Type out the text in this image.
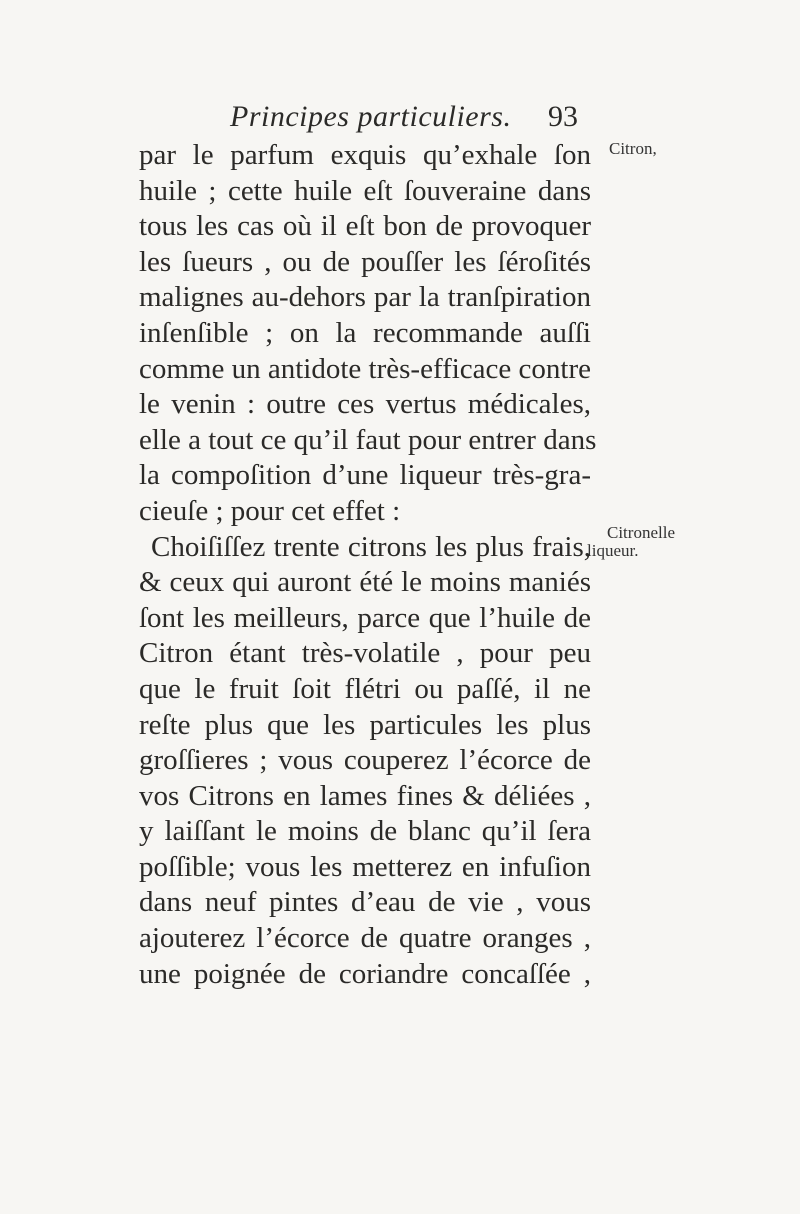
Principes particuliers. 93
Citron,
Citronelle
liqueur.
par le parfum exquis qu’exhale ſon
huile ; cette huile eſt ſouveraine dans
tous les cas où il eſt bon de provoquer
les ſueurs , ou de pouſſer les ſéroſités
malignes au-dehors par la tranſpiration
inſenſible ; on la recommande auſſi
comme un antidote très-efficace contre
le venin : outre ces vertus médicales,
elle a tout ce qu’il faut pour entrer dans
la compoſition d’une liqueur très-gra-
cieuſe ; pour cet effet :
Choiſiſſez trente citrons les plus frais,
& ceux qui auront été le moins maniés
ſont les meilleurs, parce que l’huile de
Citron étant très-volatile , pour peu
que le fruit ſoit flétri ou paſſé, il ne
reſte plus que les particules les plus
groſſieres ; vous couperez l’écorce de
vos Citrons en lames fines & déliées ,
y laiſſant le moins de blanc qu’il ſera
poſſible; vous les metterez en infuſion
dans neuf pintes d’eau de vie , vous
ajouterez l’écorce de quatre oranges ,
une poignée de coriandre concaſſée ,
